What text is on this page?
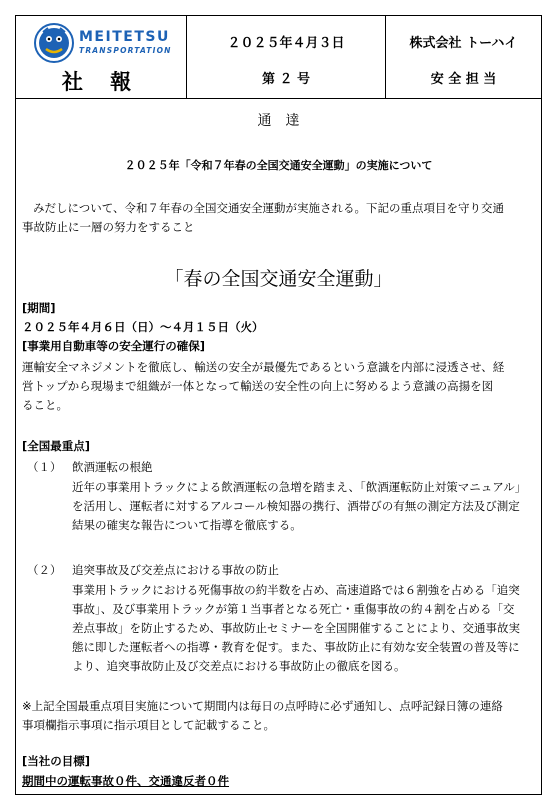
MEITETSU
TRANSPORTATION
社 報
２０２５年４月３日
第 ２ 号
株式会社 トーハイ
安 全 担 当
通　達
２０２５年「令和７年春の全国交通安全運動」の実施について
みだしについて、令和７年春の全国交通安全運動が実施される。下記の重点項目を守り交通
事故防止に一層の努力をすること
「春の全国交通安全運動」
[期間]
２０２５年４月６日（日）～４月１５日（火）
[事業用自動車等の安全運行の確保]
運輸安全マネジメントを徹底し、輸送の安全が最優先であるという意識を内部に浸透させ、経
営トップから現場まで組織が一体となって輸送の安全性の向上に努めるよう意識の高揚を図
ること。
[全国最重点]
（１） 飲酒運転の根絶
近年の事業用トラックによる飲酒運転の急増を踏まえ、「飲酒運転防止対策マニュアル」
を活用し、運転者に対するアルコール検知器の携行、酒帯びの有無の測定方法及び測定
結果の確実な報告について指導を徹底する。
（２） 追突事故及び交差点における事故の防止
事業用トラックにおける死傷事故の約半数を占め、高速道路では６割強を占める「追突
事故」、及び事業用トラックが第１当事者となる死亡・重傷事故の約４割を占める「交
差点事故」を防止するため、事故防止セミナーを全国開催することにより、交通事故実
態に即した運転者への指導・教育を促す。また、事故防止に有効な安全装置の普及等に
より、追突事故防止及び交差点における事故防止の徹底を図る。
※上記全国最重点項目実施について期間内は毎日の点呼時に必ず通知し、点呼記録日簿の連絡
事項欄指示事項に指示項目として記載すること。
[当社の目標]
期間中の運転事故０件、交通違反者０件
